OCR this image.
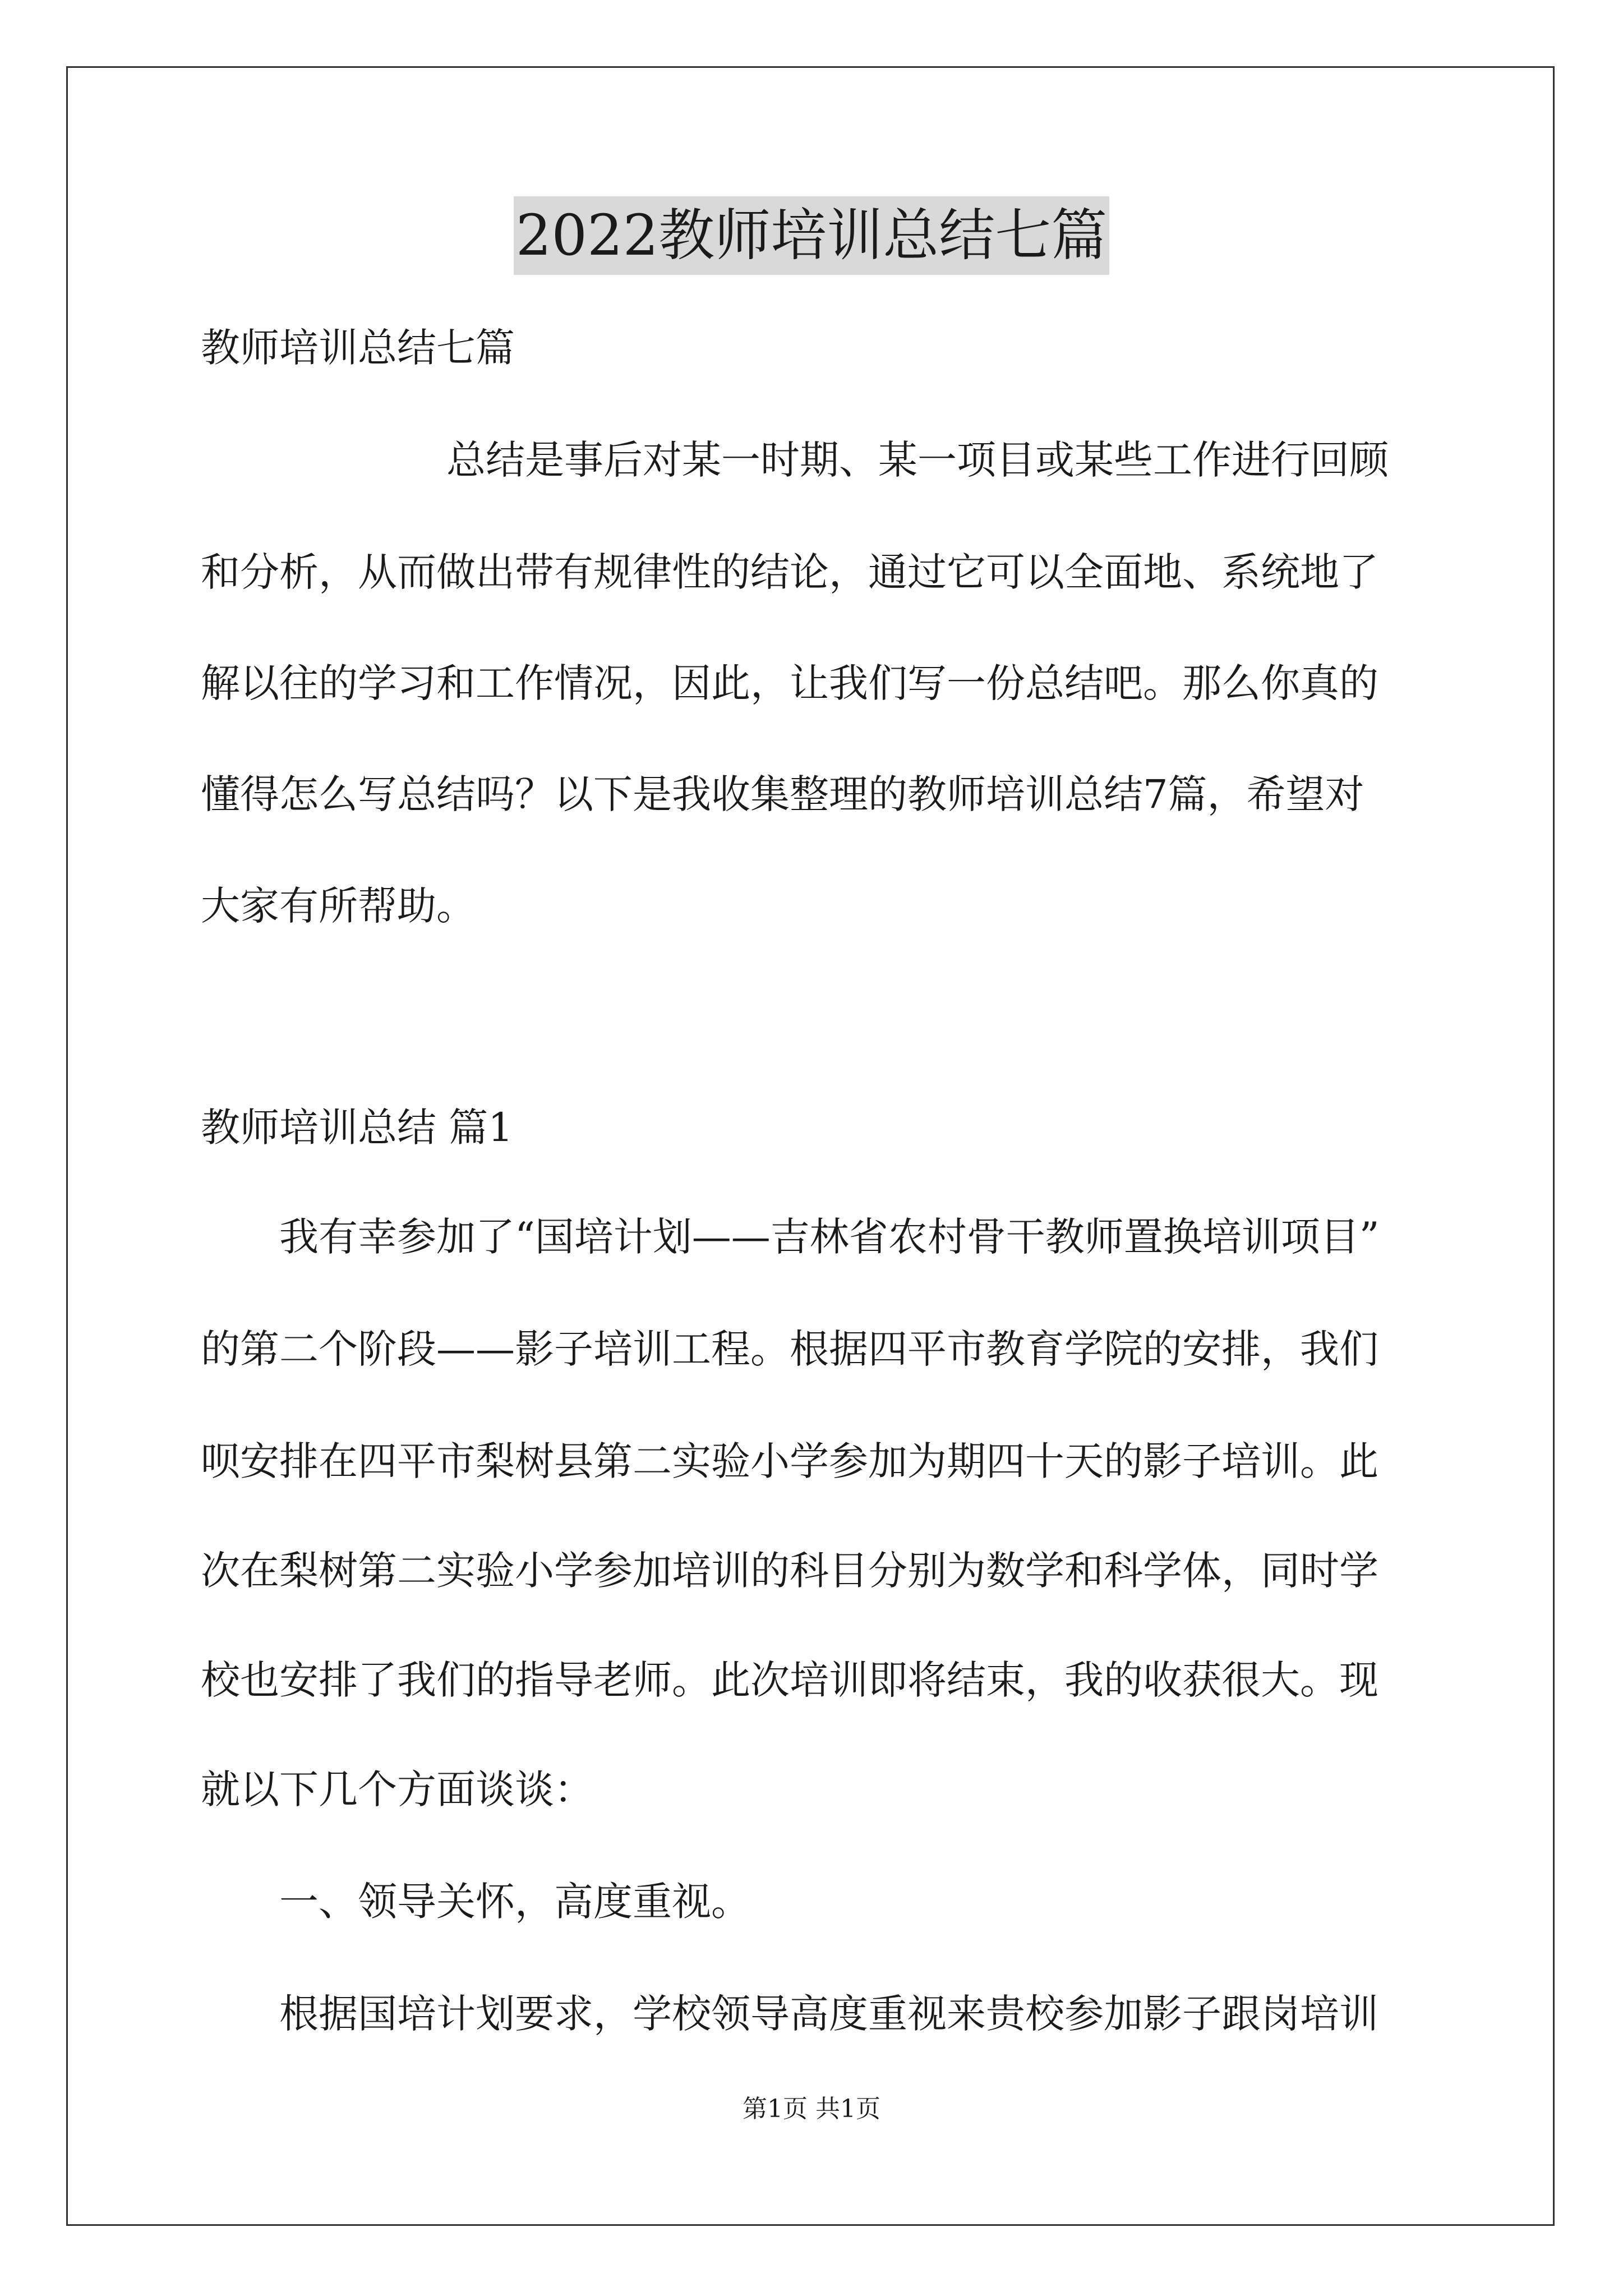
2022教师培训总结七篇
教师培训总结七篇
总结是事后对某一时期、某一项目或某些工作进行回顾
和分析，从而做出带有规律性的结论，通过它可以全面地、系统地了
解以往的学习和工作情况，因此，让我们写一份总结吧。那么你真的
懂得怎么写总结吗？以下是我收集整理的教师培训总结7篇，希望对
大家有所帮助。
教师培训总结 篇1
我有幸参加了“国培计划——吉林省农村骨干教师置换培训项目”
的第二个阶段——影子培训工程。根据四平市教育学院的安排，我们
呗安排在四平市梨树县第二实验小学参加为期四十天的影子培训。此
次在梨树第二实验小学参加培训的科目分别为数学和科学体，同时学
校也安排了我们的指导老师。此次培训即将结束，我的收获很大。现
就以下几个方面谈谈：
一、领导关怀，高度重视。
根据国培计划要求，学校领导高度重视来贵校参加影子跟岗培训
第1页 共1页
